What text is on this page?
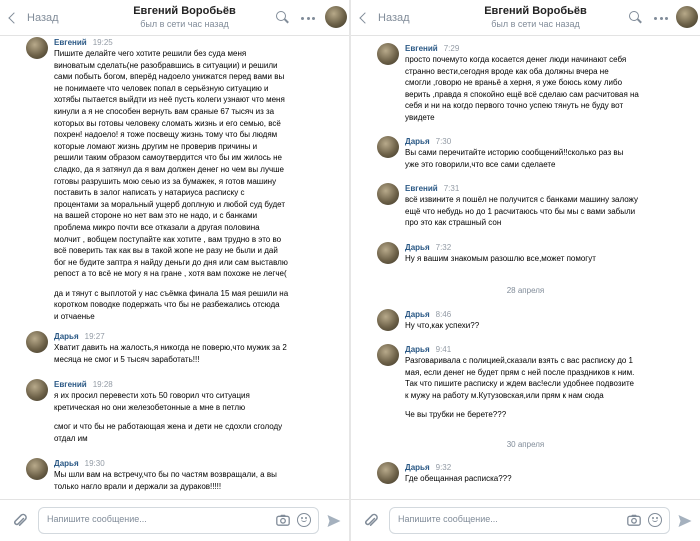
Назад
Евгений Воробьёв
был в сети час назад
Евгений 19:25
Пишите делайте чего хотите решили без суда меня
виноватым сделать(не разобравшись в ситуации) и решили
сами побыть богом, вперёд надоело унижатся перед вами вы
не понимаете что человек попал в серьёзную ситуацию и
хотябы пытается выйдти из неё пусть колеги узнают что меня
кинули а я не способен вернуть вам сраные 67 тысяч из за
которых вы готовы человеку сломать жизнь и его семью, всё
похрен! надоело! я тоже посвещу жизнь тому что бы людям
которые ломают жизнь другим не проверив причины и
решили таким образом самоутвердится что бы им жилось не
сладко, да я затянул да я вам должен денег но чем вы лучше
готовы разрушить мою сеью из за бумажек, я готов машину
поставить в залог написать у натариуса расписку с
процентами за моральный ущерб доплную и любой суд будет
на вашей стороне но нет вам это не надо, и с банками
проблема микро почти все отказали а другая половина
молчит , вобщем поступайте как хотите , вам трудно в это во
всё поверить так как вы в такой жопе не разу не были и дай
бог не будите заптра я найду деньги до дня или сам выставлю
репост а то всё не могу я на гране , хотя вам похоже не легче(
да и тянут с выплотой у нас съёмка финала 15 мая решили на
коротком поводке подержать что бы не разбежались отсюда
и отчаенье
Дарья 19:27
Хватит давить на жалость,я никогда не поверю,что мужик за 2
месяца не смог и 5 тысяч заработать!!!
Евгений 19:28
я их просил перевести хоть 50 говорил что ситуация
кретическая но они железобетонные а мне в петлю
смог и что бы не работающая жена и дети не сдохли сголоду
отдал им
Дарья 19:30
Мы шли вам на встречу,что бы по частям возвращали, а вы
только нагло врали и держали за дураков!!!!!
Напишите сообщение...
Назад
Евгений Воробьёв
был в сети час назад
Евгений 7:29
просто почемуто когда косается денег люди начинают себя
странно вести,сегодня вроде как оба должны вчера не
смогли ,говорю не враньё а херня, я уже боюсь кому либо
верить ,правда я спокойно ещё всё сделаю сам расчитовая на
себя и ни на когдо первого точно успею тянуть не буду вот
увидете
Дарья 7:30
Вы сами перечитайте историю сообщений!!сколько раз вы
уже это говорили,что все сами сделаете
Евгений 7:31
всё извините я пошёл не получится с банками машину заложу
ещё что небудь но до 1 расчитаюсь что бы мы с вами забыли
про это как страшный сон
Дарья 7:32
Ну я вашим знакомым разошлю все,может помогут
28 апреля
Дарья 8:46
Ну что,как успехи??
Дарья 9:41
Разговаривала с полицией,сказали взять с вас расписку до 1
мая, если денег не будет прям с ней после праздников к ним.
Так что пишите расписку и ждем вас!если удобнее подвозите
к мужу на работу м.Кутузовская,или прям к нам сюда
Че вы трубки не берете???
30 апреля
Дарья 9:32
Где обещанная расписка???
Напишите сообщение...
